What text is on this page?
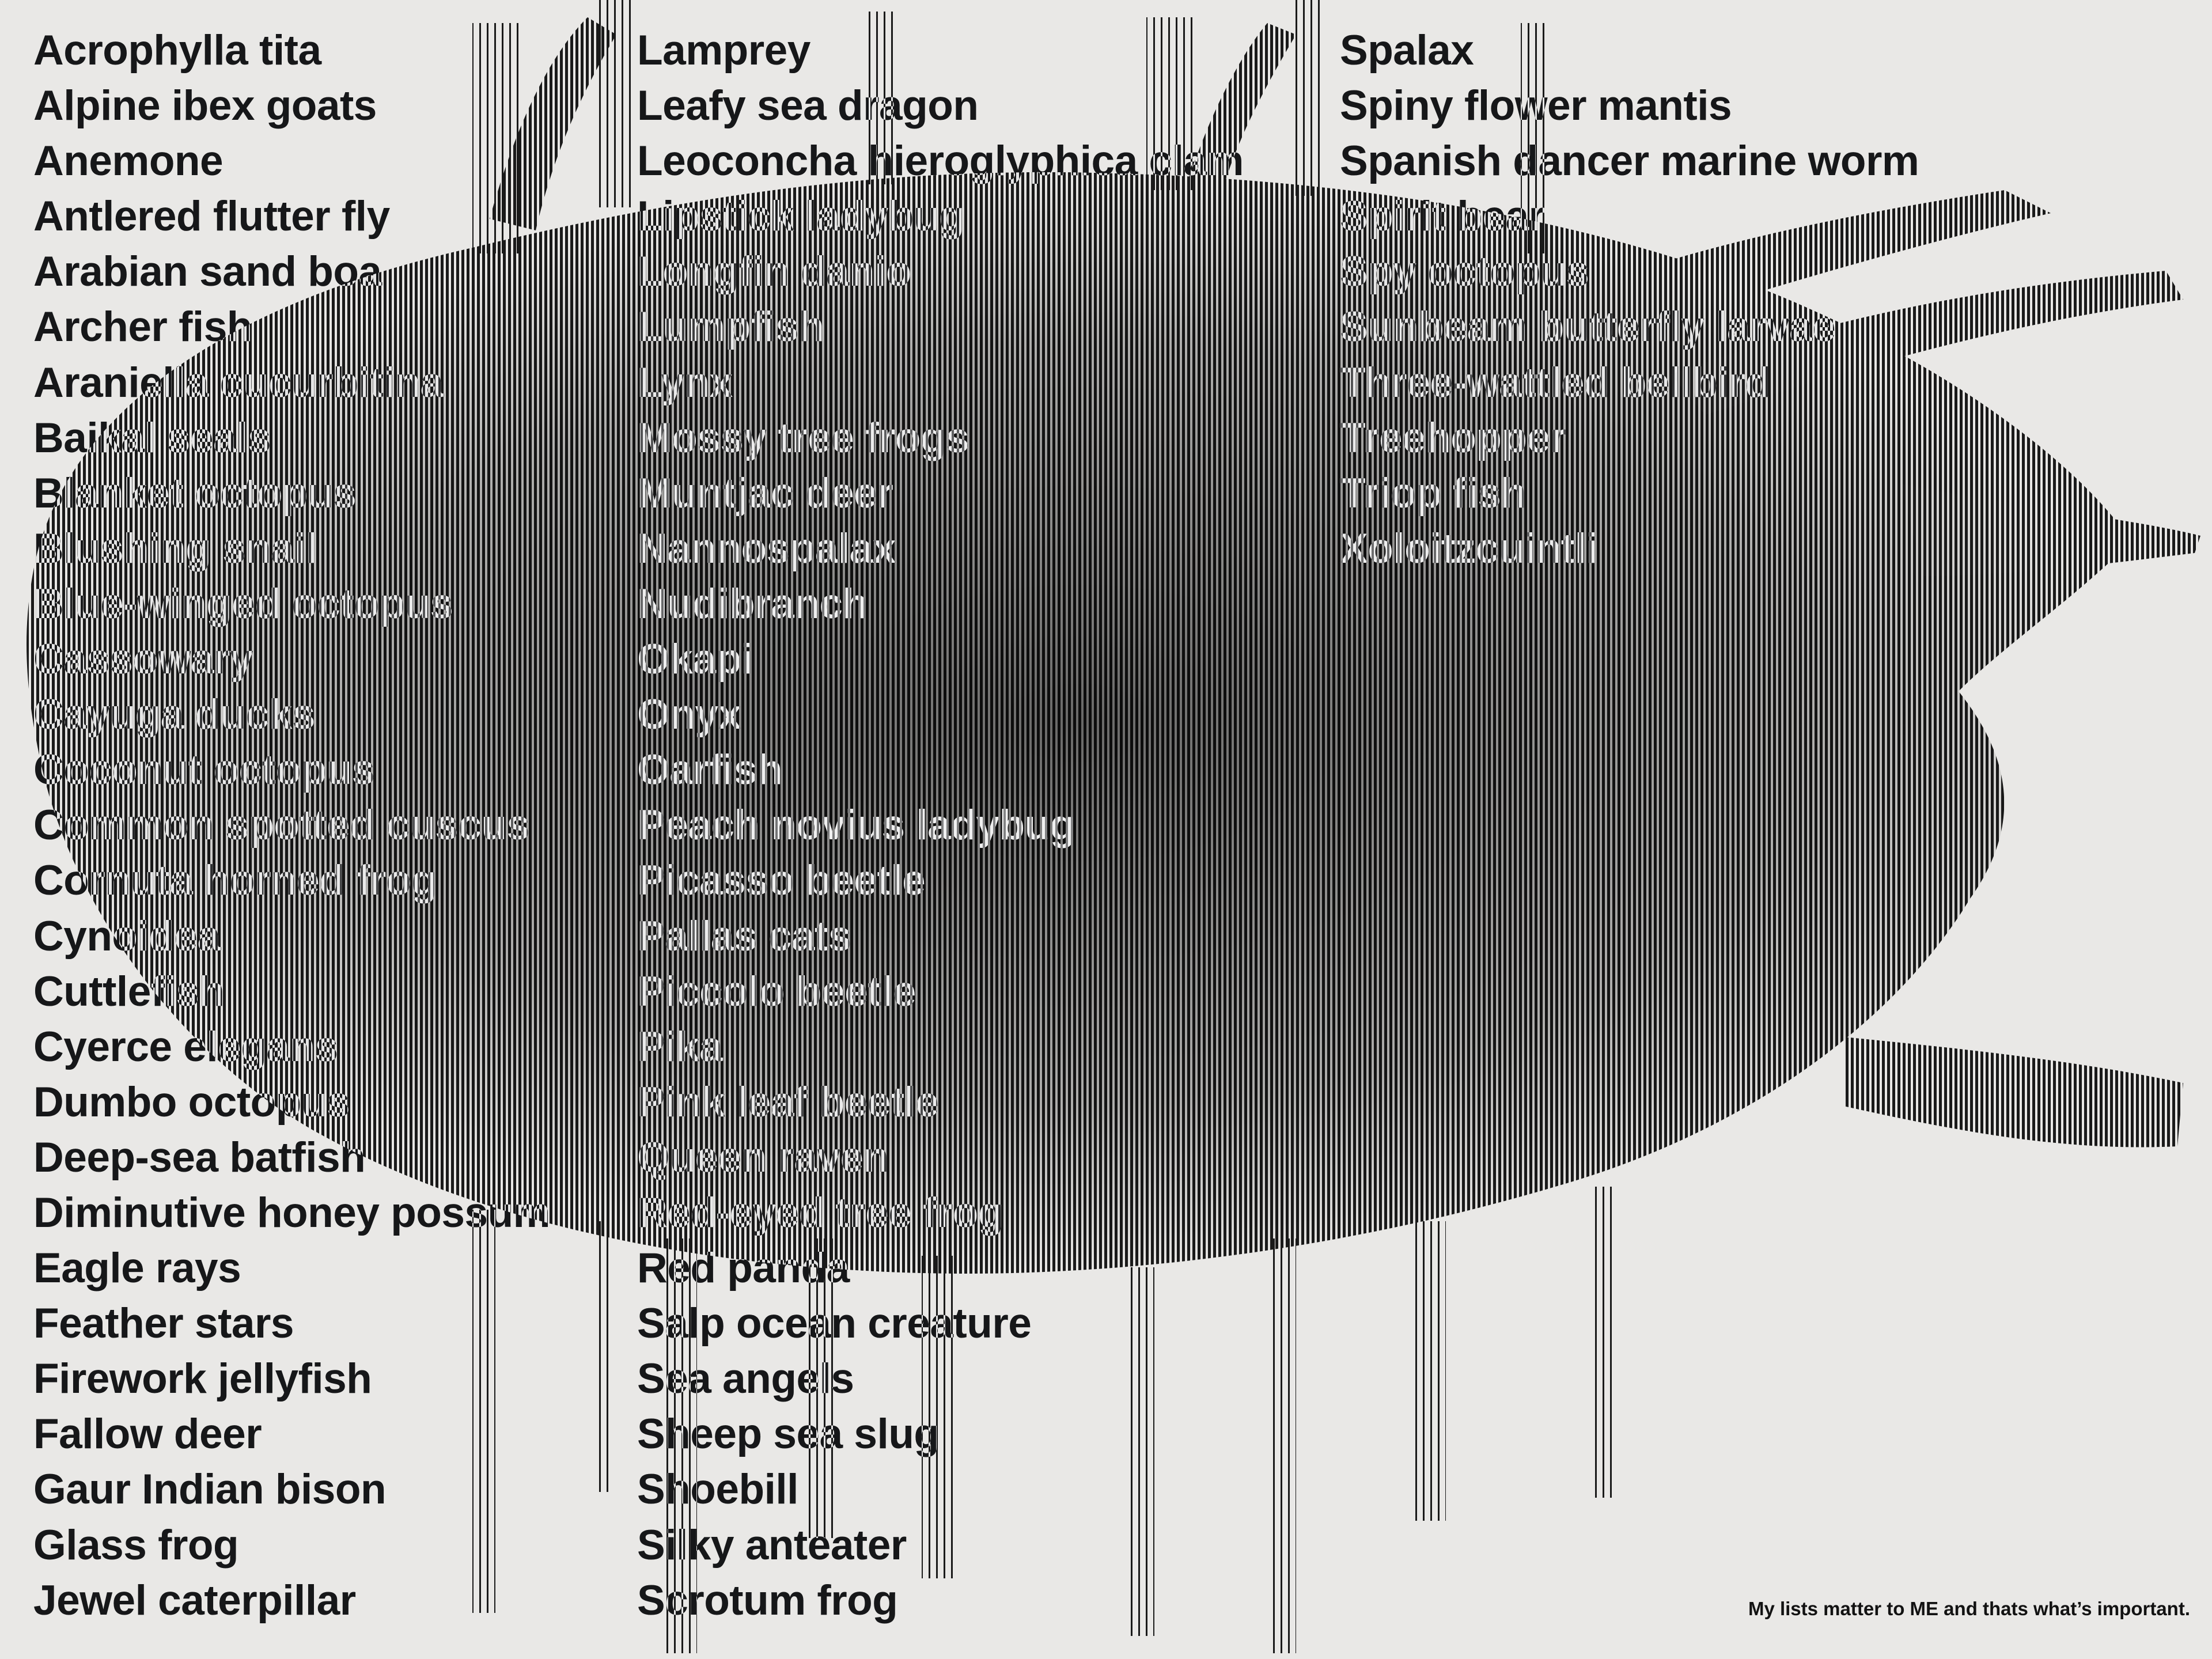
Acrophylla tita
Alpine ibex goats
Anemone
Antlered flutter fly
Arabian sand boa
Archer fish
Araniella cucurbitina
Baikal seals
Blanket octopus
Blushing snail
Blue-winged octopus
Cassowary
Cayuga ducks
Coconut octopus
Common spotted cuscus
Cornuta horned frog
Cynoidea
Cuttlefish
Cyerce elegans
Dumbo octopus
Deep-sea batfish
Diminutive honey possum
Eagle rays
Feather stars
Firework jellyfish
Fallow deer
Gaur Indian bison
Glass frog
Jewel caterpillar
Lamprey
Leafy sea dragon
Leoconcha hieroglyphica clam
Lipstick ladybug
Longfin danio
Lumpfish
Lynx
Mossy tree frogs
Muntjac deer
Nannospalax
Nudibranch
Okapi
Onyx
Oarfish
Peach novius ladybug
Picasso beetle
Pallas cats
Piccolo beetle
Pika
Pink leaf beetle
Queen raven
Red-eyed tree frog
Red panda
Salp ocean creature
Sea angels
Sheep sea slug
Shoebill
Silky anteater
Scrotum frog
Spalax
Spiny flower mantis
Spanish dancer marine worm
Spirit bear
Spy octopus
Sunbeam butterfly larvae
Three-wattled bellbird
Treehopper
Triop fish
Xoloitzcuintli
My lists matter to ME and thats what’s important.
